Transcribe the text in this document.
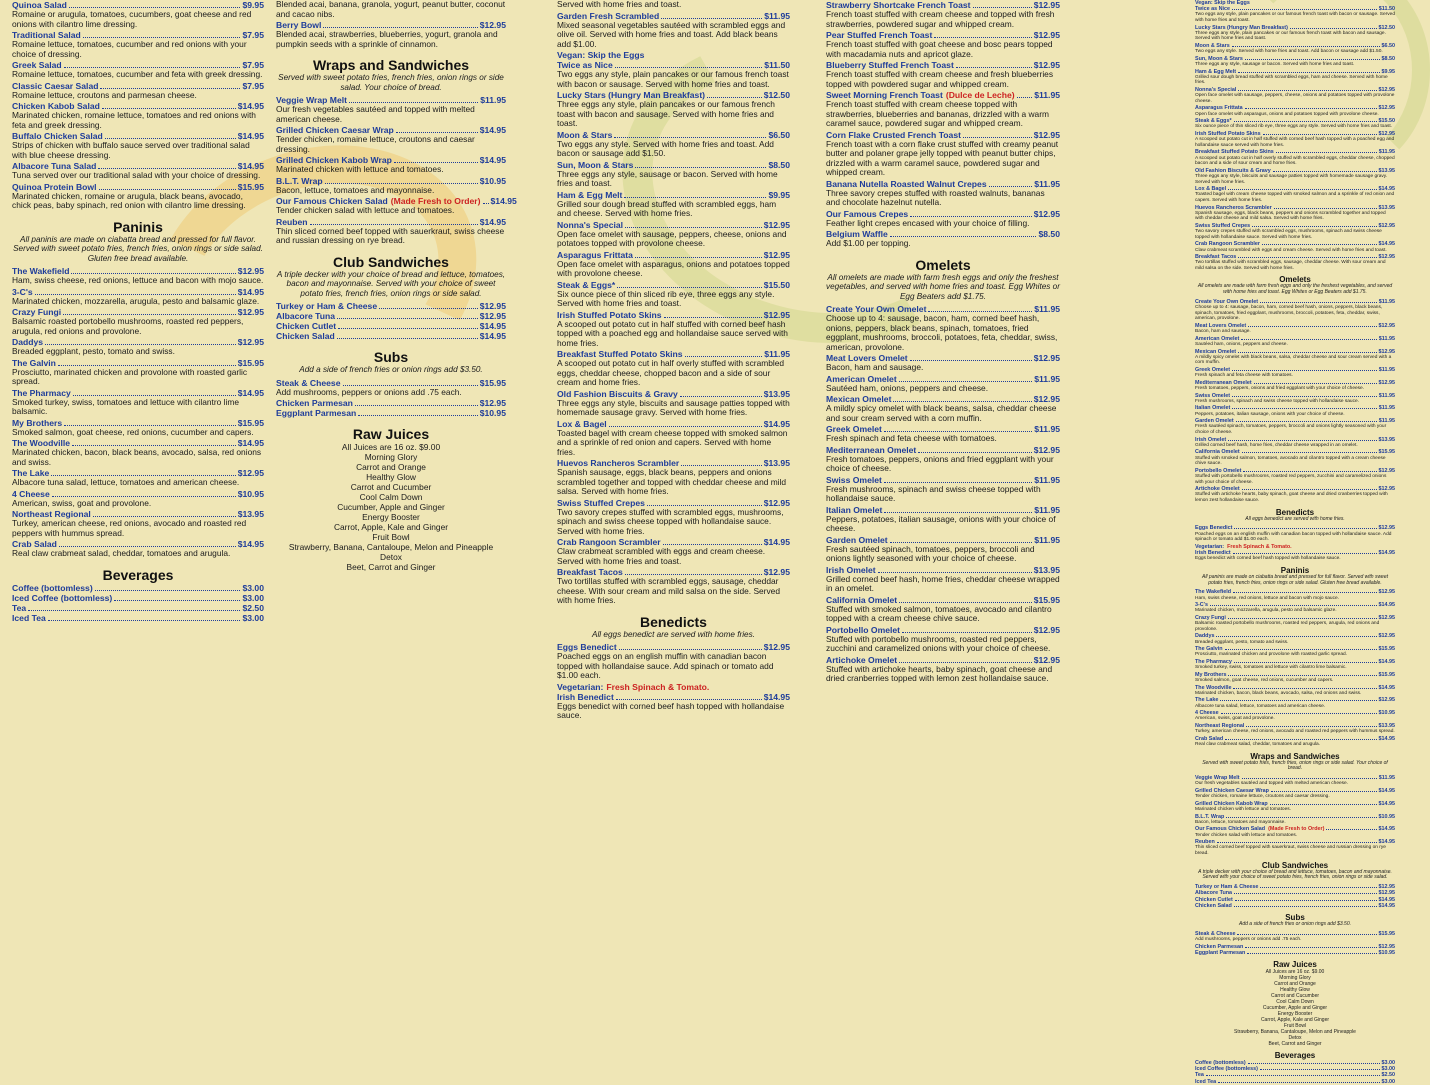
Quinoa Salad	$9.95
Romaine or arugula, tomatoes, cucumbers, goat cheese and red onions with cilantro lime dressing.
Traditional Salad	$7.95
Romaine lettuce, tomatoes, cucumber and red onions with your choice of dressing.
Greek Salad	$7.95
Romaine lettuce, tomatoes, cucumber and feta with greek dressing.
Classic Caesar Salad	$7.95
Romaine lettuce, croutons and parmesan cheese.
Chicken Kabob Salad	$14.95
Marinated chicken, romaine lettuce, tomatoes and red onions with feta and greek dressing.
Buffalo Chicken Salad	$14.95
Strips of chicken with buffalo sauce served over traditional salad with blue cheese dressing.
Albacore Tuna Salad	$14.95
Tuna served over our traditional salad with your choice of dressing.
Quinoa Protein Bowl	$15.95
Marinated chicken, romaine or arugula, black beans, avocado, chick peas, baby spinach, red onion with cilantro lime dressing.
Paninis
All paninis are made on ciabatta bread and pressed for full flavor. Served with sweet potato fries, french fries, onion rings or side salad. Gluten free bread available.
The Wakefield	$12.95
Ham, swiss cheese, red onions, lettuce and bacon with mojo sauce.
3-C's	$14.95
Marinated chicken, mozzarella, arugula, pesto and balsamic glaze.
Crazy Fungi	$12.95
Balsamic roasted portobello mushrooms, roasted red peppers, arugula, red onions and provolone.
Daddys	$12.95
Breaded eggplant, pesto, tomato and swiss.
The Galvin	$15.95
Prosciutto, marinated chicken and provolone with roasted garlic spread.
The Pharmacy	$14.95
Smoked turkey, swiss, tomatoes and lettuce with cilantro lime balsamic.
My Brothers	$15.95
Smoked salmon, goat cheese, red onions, cucumber and capers.
The Woodville	$14.95
Marinated chicken, bacon, black beans, avocado, salsa, red onions and swiss.
The Lake	$12.95
Albacore tuna salad, lettuce, tomatoes and american cheese.
4 Cheese	$10.95
American, swiss, goat and provolone.
Northeast Regional	$13.95
Turkey, american cheese, red onions, avocado and roasted red peppers with hummus spread.
Crab Salad	$14.95
Real claw crabmeat salad, cheddar, tomatoes and arugula.
Beverages
Coffee (bottomless)	$3.00
Iced Coffee (bottomless)	$3.00
Tea	$2.50
Iced Tea	$3.00
Blended acai, banana, granola, yogurt, peanut butter, coconut and cacao nibs.
Berry Bowl	$12.95
Blended acai, strawberries, blueberries, yogurt, granola and pumpkin seeds with a sprinkle of cinnamon.
Wraps and Sandwiches
Served with sweet potato fries, french fries, onion rings or side salad. Your choice of bread.
Veggie Wrap Melt	$11.95
Our fresh vegetables sautéed and topped with melted american cheese.
Grilled Chicken Caesar Wrap	$14.95
Tender chicken, romaine lettuce, croutons and caesar dressing.
Grilled Chicken Kabob Wrap	$14.95
Marinated chicken with lettuce and tomatoes.
B.L.T. Wrap	$10.95
Bacon, lettuce, tomatoes and mayonnaise.
Our Famous Chicken Salad (Made Fresh to Order) $14.95
Tender chicken salad with lettuce and tomatoes.
Reuben	$14.95
Thin sliced corned beef topped with sauerkraut, swiss cheese and russian dressing on rye bread.
Club Sandwiches
A triple decker with your choice of bread and lettuce, tomatoes, bacon and mayonnaise. Served with your choice of sweet potato fries, french fries, onion rings or side salad.
Turkey or Ham & Cheese	$12.95
Albacore Tuna	$12.95
Chicken Cutlet	$14.95
Chicken Salad	$14.95
Subs
Add a side of french fries or onion rings add $3.50.
Steak & Cheese	$15.95
Add mushrooms, peppers or onions add .75 each.
Chicken Parmesan	$12.95
Eggplant Parmesan	$10.95
Raw Juices
All Juices are 16 oz. $9.00
Morning Glory
Carrot and Orange
Healthy Glow
Carrot and Cucumber
Cool Calm Down
Cucumber, Apple and Ginger
Energy Booster
Carrot, Apple, Kale and Ginger
Fruit Bowl
Strawberry, Banana, Cantaloupe, Melon and Pineapple
Detox
Beet, Carrot and Ginger
Served with home fries and toast.
Garden Fresh Scrambled	$11.95
Mixed seasonal vegetables sautéed with scrambled eggs and olive oil. Served with home fries and toast. Add black beans add $1.00.
Vegan: Skip the Eggs
Twice as Nice	$11.50
Two eggs any style, plain pancakes or our famous french toast with bacon or sausage. Served with home fries and toast.
Lucky Stars (Hungry Man Breakfast)	$12.50
Three eggs any style, plain pancakes or our famous french toast with bacon and sausage. Served with home fries and toast.
Moon & Stars	$6.50
Two eggs any style. Served with home fries and toast. Add bacon or sausage add $1.50.
Sun, Moon & Stars	$8.50
Three eggs any style, sausage or bacon. Served with home fries and toast.
Ham & Egg Melt	$9.95
Grilled sour dough bread stuffed with scrambled eggs, ham and cheese. Served with home fries.
Nonna's Special	$12.95
Open face omelet with sausage, peppers, cheese, onions and potatoes topped with provolone cheese.
Asparagus Frittata	$12.95
Open face omelet with asparagus, onions and potatoes topped with provolone cheese.
Steak & Eggs*	$15.50
Six ounce piece of thin sliced rib eye, three eggs any style. Served with home fries and toast.
Irish Stuffed Potato Skins	$12.95
A scooped out potato cut in half stuffed with corned beef hash topped with a poached egg and hollandaise sauce served with home fries.
Breakfast Stuffed Potato Skins	$11.95
A scooped out potato cut in half overly stuffed with scrambled eggs, cheddar cheese, chopped bacon and a side of sour cream and home fries.
Old Fashion Biscuits & Gravy	$13.95
Three eggs any style, biscuits and sausage patties topped with homemade sausage gravy. Served with home fries.
Lox & Bagel	$14.95
Toasted bagel with cream cheese topped with smoked salmon and a sprinkle of red onion and capers. Served with home fries.
Huevos Rancheros Scrambler	$13.95
Spanish sausage, eggs, black beans, peppers and onions scrambled together and topped with cheddar cheese and mild salsa. Served with home fries.
Swiss Stuffed Crepes	$12.95
Two savory crepes stuffed with scrambled eggs, mushrooms, spinach and swiss cheese topped with hollandaise sauce. Served with home fries.
Crab Rangoon Scrambler	$14.95
Claw crabmeat scrambled with eggs and cream cheese. Served with home fries and toast.
Breakfast Tacos	$12.95
Two tortillas stuffed with scrambled eggs, sausage, cheddar cheese. With sour cream and mild salsa on the side. Served with home fries.
Benedicts
All eggs benedict are served with home fries.
Eggs Benedict	$12.95
Poached eggs on an english muffin with canadian bacon topped with hollandaise sauce. Add spinach or tomato add $1.00 each.
Vegetarian: Fresh Spinach & Tomato.
Irish Benedict	$14.95
Eggs benedict with corned beef hash topped with hollandaise sauce.
Strawberry Shortcake French Toast	$12.95
French toast stuffed with cream cheese and topped with fresh strawberries, powdered sugar and whipped cream.
Pear Stuffed French Toast	$12.95
French toast stuffed with goat cheese and bosc pears topped with macadamia nuts and apricot glaze.
Blueberry Stuffed French Toast	$12.95
French toast stuffed with cream cheese and fresh blueberries topped with powdered sugar and whipped cream.
Sweet Morning French Toast (Dulce de Leche) $11.95
French toast stuffed with cream cheese topped with strawberries, blueberries and bananas, drizzled with a warm caramel sauce, powdered sugar and whipped cream.
Corn Flake Crusted French Toast	$12.95
French toast with a corn flake crust stuffed with creamy peanut butter and polaner grape jelly topped with peanut butter chips, drizzled with a warm caramel sauce, powdered sugar and whipped cream.
Banana Nutella Roasted Walnut Crepes	$11.95
Three savory crepes stuffed with roasted walnuts, bananas and chocolate hazelnut nutella.
Our Famous Crepes	$12.95
Feather light crepes encased with your choice of filling.
Belgium Waffle	$8.50
Add $1.00 per topping.
Omelets
All omelets are made with farm fresh eggs and only the freshest vegetables, and served with home fries and toast. Egg Whites or Egg Beaters add $1.75.
Create Your Own Omelet	$11.95
Choose up to 4: sausage, bacon, ham, corned beef hash, onions, peppers, black beans, spinach, tomatoes, fried eggplant, mushrooms, broccoli, potatoes, feta, cheddar, swiss, american, provolone.
Meat Lovers Omelet	$12.95
Bacon, ham and sausage.
American Omelet	$11.95
Sautéed ham, onions, peppers and cheese.
Mexican Omelet	$12.95
A mildly spicy omelet with black beans, salsa, cheddar cheese and sour cream served with a corn muffin.
Greek Omelet	$11.95
Fresh spinach and feta cheese with tomatoes.
Mediterranean Omelet	$12.95
Fresh tomatoes, peppers, onions and fried eggplant with your choice of cheese.
Swiss Omelet	$11.95
Fresh mushrooms, spinach and swiss cheese topped with hollandaise sauce.
Italian Omelet	$11.95
Peppers, potatoes, italian sausage, onions with your choice of cheese.
Garden Omelet	$11.95
Fresh sautéed spinach, tomatoes, peppers, broccoli and onions lightly seasoned with your choice of cheese.
Irish Omelet	$13.95
Grilled corned beef hash, home fries, cheddar cheese wrapped in an omelet.
California Omelet	$15.95
Stuffed with smoked salmon, tomatoes, avocado and cilantro topped with a cream cheese chive sauce.
Portobello Omelet	$12.95
Stuffed with portobello mushrooms, roasted red peppers, zucchini and caramelized onions with your choice of cheese.
Artichoke Omelet	$12.95
Stuffed with artichoke hearts, baby spinach, goat cheese and dried cranberries topped with lemon zest hollandaise sauce.
Vegan: Skip the Eggs
Twice as Nice	$11.50
Two eggs any style, plain pancakes or our famous french toast with bacon or sausage. Served with home fries and toast.
Lucky Stars (Hungry Man Breakfast)	$12.50
Three eggs any style, plain pancakes or our famous french toast with bacon and sausage. Served with home fries and toast.
Moon & Stars	$6.50
Two eggs any style. Served with home fries and toast. Add bacon or sausage add $1.50.
Sun, Moon & Stars	$8.50
Three eggs any style, sausage or bacon. Served with home fries and toast.
Ham & Egg Melt	$9.95
Grilled sour dough bread stuffed with scrambled eggs, ham and cheese. Served with home fries.
Nonna's Special	$12.95
Open face omelet with sausage, peppers, cheese, onions and potatoes topped with provolone cheese.
Asparagus Frittata	$12.95
Open face omelet with asparagus, onions and potatoes topped with provolone cheese.
Steak & Eggs*	$15.50
Six ounce piece of thin sliced rib eye, three eggs any style. Served with home fries and toast.
Irish Stuffed Potato Skins	$12.95
A scooped out potato cut in half stuffed with corned beef hash topped with a poached egg and hollandaise sauce served with home fries.
Breakfast Stuffed Potato Skins	$11.95
A scooped out potato cut in half overly stuffed with scrambled eggs, cheddar cheese, chopped bacon and a side of sour cream and home fries.
Old Fashion Biscuits & Gravy	$13.95
Three eggs any style, biscuits and sausage patties topped with homemade sausage gravy. Served with home fries.
Lox & Bagel	$14.95
Toasted bagel with cream cheese topped with smoked salmon and a sprinkle of red onion and capers. Served with home fries.
Huevos Rancheros Scrambler	$13.95
Spanish sausage, eggs, black beans, peppers and onions scrambled together and topped with cheddar cheese and mild salsa. Served with home fries.
Swiss Stuffed Crepes	$12.95
Two savory crepes stuffed with scrambled eggs, mushrooms, spinach and swiss cheese topped with hollandaise sauce. Served with home fries.
Crab Rangoon Scrambler	$14.95
Claw crabmeat scrambled with eggs and cream cheese. Served with home fries and toast.
Breakfast Tacos	$12.95
Two tortillas stuffed with scrambled eggs, sausage, cheddar cheese. With sour cream and mild salsa on the side. Served with home fries.
Omelets
All omelets are made with farm fresh eggs and only the freshest vegetables, and served with home fries and toast. Egg Whites or Egg Beaters add $1.75.
Create Your Own Omelet	$11.95
Choose up to 4: sausage, bacon, ham, corned beef hash, onions, peppers, black beans, spinach, tomatoes, fried eggplant, mushrooms, broccoli, potatoes, feta, cheddar, swiss, american, provolone.
Meat Lovers Omelet	$12.95
Bacon, ham and sausage.
American Omelet	$11.95
Sautéed ham, onions, peppers and cheese.
Mexican Omelet	$12.95
A mildly spicy omelet with black beans, salsa, cheddar cheese and sour cream served with a corn muffin.
Greek Omelet	$11.95
Fresh spinach and feta cheese with tomatoes.
Mediterranean Omelet	$12.95
Fresh tomatoes, peppers, onions and fried eggplant with your choice of cheese.
Swiss Omelet	$11.95
Fresh mushrooms, spinach and swiss cheese topped with hollandaise sauce.
Italian Omelet	$11.95
Peppers, potatoes, italian sausage, onions with your choice of cheese.
Garden Omelet	$11.95
Fresh sautéed spinach, tomatoes, peppers, broccoli and onions lightly seasoned with your choice of cheese.
Irish Omelet	$13.95
Grilled corned beef hash, home fries, cheddar cheese wrapped in an omelet.
California Omelet	$15.95
Stuffed with smoked salmon, tomatoes, avocado and cilantro topped with a cream cheese chive sauce.
Portobello Omelet	$12.95
Stuffed with portobello mushrooms, roasted red peppers, zucchini and caramelized onions with your choice of cheese.
Artichoke Omelet	$12.95
Stuffed with artichoke hearts, baby spinach, goat cheese and dried cranberries topped with lemon zest hollandaise sauce.
Benedicts
All eggs benedict are served with home fries.
Eggs Benedict	$12.95
Poached eggs on an english muffin with canadian bacon topped with hollandaise sauce. Add spinach or tomato add $1.00 each.
Vegetarian: Fresh Spinach & Tomato.
Irish Benedict	$14.95
Eggs benedict with corned beef hash topped with hollandaise sauce.
Paninis
All paninis are made on ciabatta bread and pressed for full flavor. Served with sweet potato fries, french fries, onion rings or side salad. Gluten free bread available.
The Wakefield	$12.95
Ham, swiss cheese, red onions, lettuce and bacon with mojo sauce.
3-C's	$14.95
Marinated chicken, mozzarella, arugula, pesto and balsamic glaze.
Crazy Fungi	$12.95
Balsamic roasted portobello mushrooms, roasted red peppers, arugula, red onions and provolone.
Daddys	$12.95
Breaded eggplant, pesto, tomato and swiss.
The Galvin	$15.95
Prosciutto, marinated chicken and provolone with roasted garlic spread.
The Pharmacy	$14.95
Smoked turkey, swiss, tomatoes and lettuce with cilantro lime balsamic.
My Brothers	$15.95
Smoked salmon, goat cheese, red onions, cucumber and capers.
The Woodville	$14.95
Marinated chicken, bacon, black beans, avocado, salsa, red onions and swiss.
The Lake	$12.95
Albacore tuna salad, lettuce, tomatoes and american cheese.
4 Cheese	$10.95
American, swiss, goat and provolone.
Northeast Regional	$13.95
Turkey, american cheese, red onions, avocado and roasted red peppers with hummus spread.
Crab Salad	$14.95
Real claw crabmeat salad, cheddar, tomatoes and arugula.
Wraps and Sandwiches
Served with sweet potato fries, french fries, onion rings or side salad. Your choice of bread.
Veggie Wrap Melt	$11.95
Our fresh vegetables sautéed and topped with melted american cheese.
Grilled Chicken Caesar Wrap	$14.95
Tender chicken, romaine lettuce, croutons and caesar dressing.
Grilled Chicken Kabob Wrap	$14.95
Marinated chicken with lettuce and tomatoes.
B.L.T. Wrap	$10.95
Bacon, lettuce, tomatoes and mayonnaise.
Our Famous Chicken Salad (Made Fresh to Order)	$14.95
Tender chicken salad with lettuce and tomatoes.
Reuben	$14.95
Thin sliced corned beef topped with sauerkraut, swiss cheese and russian dressing on rye bread.
Club Sandwiches
A triple decker with your choice of bread and lettuce, tomatoes, bacon and mayonnaise. Served with your choice of sweet potato fries, french fries, onion rings or side salad.
Turkey or Ham & Cheese	$12.95
Albacore Tuna	$12.95
Chicken Cutlet	$14.95
Chicken Salad	$14.95
Subs
Add a side of french fries or onion rings add $3.50.
Steak & Cheese	$15.95
Add mushrooms, peppers or onions add .75 each.
Chicken Parmesan	$12.95
Eggplant Parmesan	$10.95
Raw Juices
All Juices are 16 oz. $9.00
Morning Glory
Carrot and Orange
Healthy Glow
Carrot and Cucumber
Cool Calm Down
Cucumber, Apple and Ginger
Energy Booster
Carrot, Apple, Kale and Ginger
Fruit Bowl
Strawberry, Banana, Cantaloupe, Melon and Pineapple
Detox
Beet, Carrot and Ginger
Beverages
Coffee (bottomless)	$3.00
Iced Coffee (bottomless)	$3.00
Tea	$2.50
Iced Tea	$3.00
